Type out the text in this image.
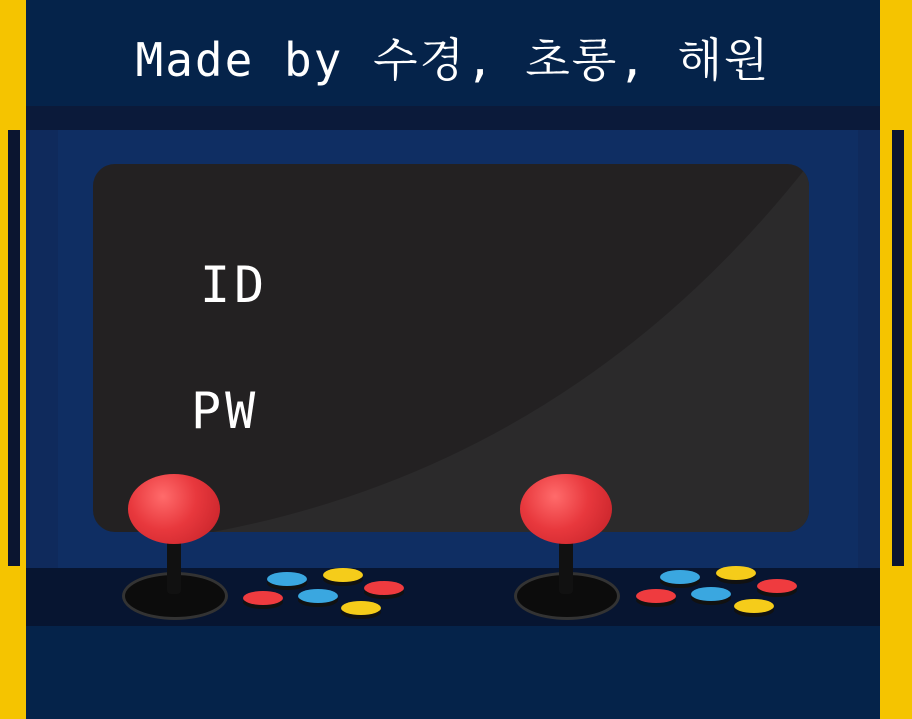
Made by 수경, 초롱, 해원
ID
PW
